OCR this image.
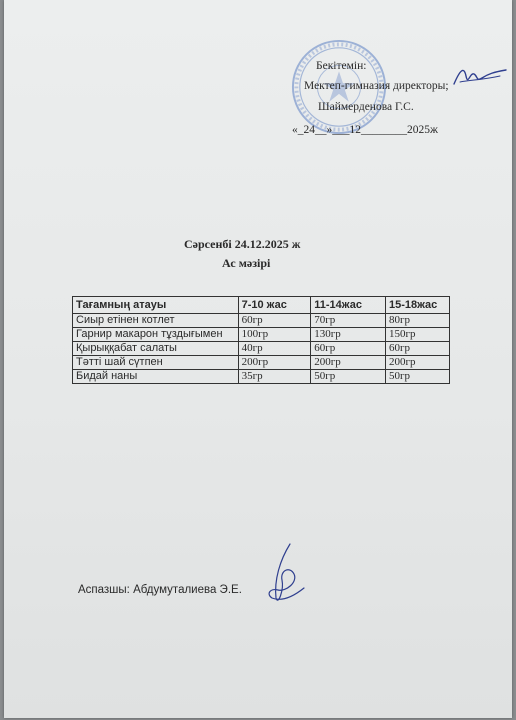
Бекітемін:
Мектеп-гимназия директоры;
Шаймерденова Г.С.
«_24__»___12________2025ж
Сәрсенбі 24.12.2025 ж
Ас мәзірі
Тағамның атауы	7-10 жас	11-14жас	15-18жас
Сиыр етінен котлет	60гр	70гр	80гр
Гарнир макарон тұздығымен	100гр	130гр	150гр
Қырыққабат салаты	40гр	60гр	60гр
Тәтті шай сүтпен	200гр	200гр	200гр
Бидай наны	35гр	50гр	50гр
Аспазшы: Абдумуталиева Э.Е.
